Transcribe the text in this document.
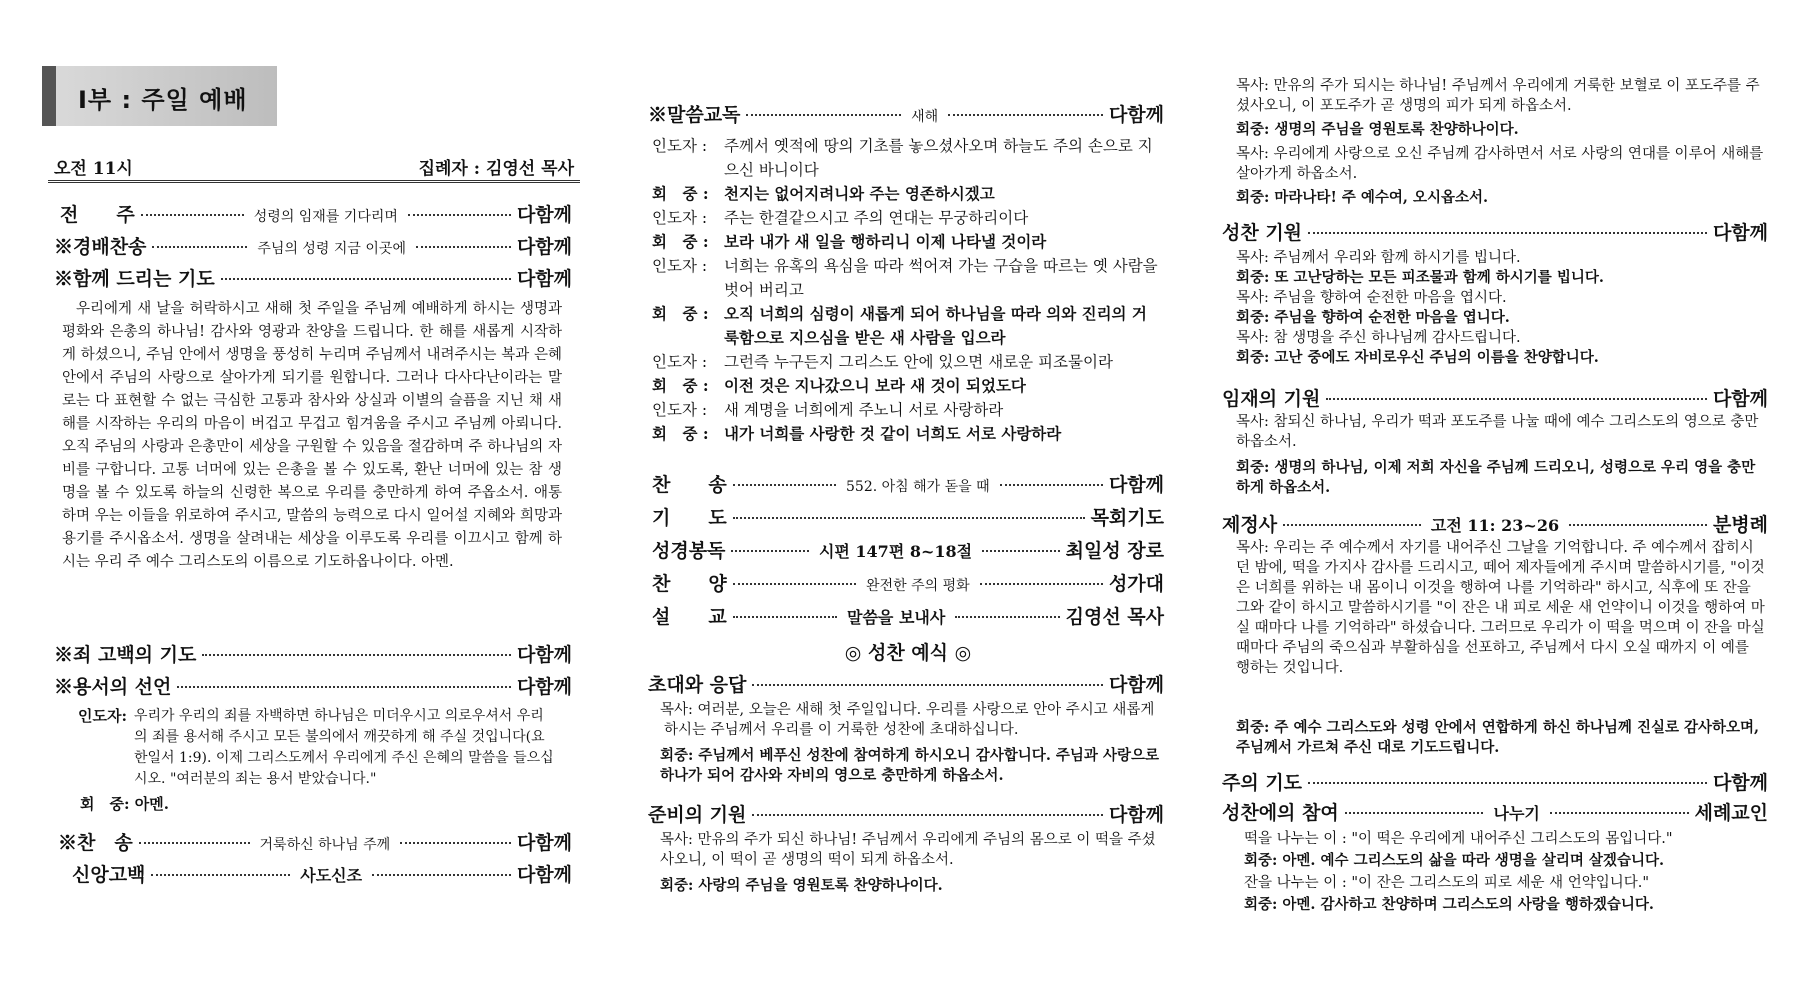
I부 : 주일 예배
오전 11시	집례자 : 김영선 목사
전　　주	성령의 임재를 기다리며	다함께
※경배찬송	주님의 성령 지금 이곳에	다함께
※함께 드리는 기도	다함께
우리에게 새 날을 허락하시고 새해 첫 주일을 주님께 예배하게 하시는 생명과 평화와 은총의 하나님! 감사와 영광과 찬양을 드립니다. 한 해를 새롭게 시작하게 하셨으니, 주님 안에서 생명을 풍성히 누리며 주님께서 내려주시는 복과 은혜 안에서 주님의 사랑으로 살아가게 되기를 원합니다. 그러나 다사다난이라는 말로는 다 표현할 수 없는 극심한 고통과 참사와 상실과 이별의 슬픔을 지닌 채 새해를 시작하는 우리의 마음이 버겁고 무겁고 힘겨움을 주시고 주님께 아뢰니다. 오직 주님의 사랑과 은총만이 세상을 구원할 수 있음을 절감하며 주 하나님의 자비를 구합니다. 고통 너머에 있는 은총을 볼 수 있도록, 환난 너머에 있는 참 생명을 볼 수 있도록 하늘의 신령한 복으로 우리를 충만하게 하여 주옵소서. 애통하며 우는 이들을 위로하여 주시고, 말씀의 능력으로 다시 일어설 지혜와 희망과 용기를 주시옵소서. 생명을 살려내는 세상을 이루도록 우리를 이끄시고 함께 하시는 우리 주 예수 그리스도의 이름으로 기도하옵나이다. 아멘.
※죄 고백의 기도	다함께
※용서의 선언	다함께
인도자: 우리가 우리의 죄를 자백하면 하나님은 미더우시고 의로우셔서 우리의 죄를 용서해 주시고 모든 불의에서 깨끗하게 해 주실 것입니다(요한일서 1:9). 이제 그리스도께서 우리에게 주신 은혜의 말씀을 들으십시오. "여러분의 죄는 용서 받았습니다."
회　중: 아멘.
※찬　송	거룩하신 하나님 주께	다함께
신앙고백	사도신조	다함께
※말씀교독	새해	다함께
인도자 :	주께서 옛적에 땅의 기초를 놓으셨사오며 하늘도 주의 손으로 지으신 바니이다
회　중 : 천지는 없어지려니와 주는 영존하시겠고
인도자 :	주는 한결같으시고 주의 연대는 무궁하리이다
회　중 : 보라 내가 새 일을 행하리니 이제 나타낼 것이라
인도자 :	너희는 유혹의 욕심을 따라 썩어져 가는 구습을 따르는 옛 사람을 벗어 버리고
회　중 : 오직 너희의 심령이 새롭게 되어 하나님을 따라 의와 진리의 거룩함으로 지으심을 받은 새 사람을 입으라
인도자 :	그런즉 누구든지 그리스도 안에 있으면 새로운 피조물이라
회　중 : 이전 것은 지나갔으니 보라 새 것이 되었도다
인도자 :	새 계명을 너희에게 주노니 서로 사랑하라
회　중 : 내가 너희를 사랑한 것 같이 너희도 서로 사랑하라
찬　　송	552. 아침 해가 돋을 때	다함께
기　　도	목회기도
성경봉독	시편 147편 8~18절	최일성 장로
찬　　양	완전한 주의 평화	성가대
설　　교	말씀을 보내사	김영선 목사
◎ 성찬 예식 ◎
초대와 응답	다함께
목사: 여러분, 오늘은 새해 첫 주일입니다. 우리를 사랑으로 안아 주시고 새롭게 하시는 주님께서 우리를 이 거룩한 성찬에 초대하십니다.
회중: 주님께서 베푸신 성찬에 참여하게 하시오니 감사합니다. 주님과 사랑으로 하나가 되어 감사와 자비의 영으로 충만하게 하옵소서.
준비의 기원	다함께
목사: 만유의 주가 되신 하나님! 주님께서 우리에게 주님의 몸으로 이 떡을 주셨사오니, 이 떡이 곧 생명의 떡이 되게 하옵소서.
회중: 사랑의 주님을 영원토록 찬양하나이다.
목사: 만유의 주가 되시는 하나님! 주님께서 우리에게 거룩한 보혈로 이 포도주를 주셨사오니, 이 포도주가 곧 생명의 피가 되게 하옵소서.
회중: 생명의 주님을 영원토록 찬양하나이다.
목사: 우리에게 사랑으로 오신 주님께 감사하면서 서로 사랑의 연대를 이루어 새해를 살아가게 하옵소서.
회중: 마라나타! 주 예수여, 오시옵소서.
성찬 기원	다함께
목사: 주님께서 우리와 함께 하시기를 빕니다.
회중: 또 고난당하는 모든 피조물과 함께 하시기를 빕니다.
목사: 주님을 향하여 순전한 마음을 엽시다.
회중: 주님을 향하여 순전한 마음을 엽니다.
목사: 참 생명을 주신 하나님께 감사드립니다.
회중: 고난 중에도 자비로우신 주님의 이름을 찬양합니다.
임재의 기원	다함께
목사: 참되신 하나님, 우리가 떡과 포도주를 나눌 때에 예수 그리스도의 영으로 충만 하옵소서.
회중: 생명의 하나님, 이제 저희 자신을 주님께 드리오니, 성령으로 우리 영을 충만하게 하옵소서.
제정사	고전 11: 23~26	분병례
목사: 우리는 주 예수께서 자기를 내어주신 그날을 기억합니다. 주 예수께서 잡히시던 밤에, 떡을 가지사 감사를 드리시고, 떼어 제자들에게 주시며 말씀하시기를, "이것은 너희를 위하는 내 몸이니 이것을 행하여 나를 기억하라" 하시고, 식후에 또 잔을 그와 같이 하시고 말씀하시기를 "이 잔은 내 피로 세운 새 언약이니 이것을 행하여 마실 때마다 나를 기억하라" 하셨습니다. 그러므로 우리가 이 떡을 먹으며 이 잔을 마실 때마다 주님의 죽으심과 부활하심을 선포하고, 주님께서 다시 오실 때까지 이 예를 행하는 것입니다.
회중: 주 예수 그리스도와 성령 안에서 연합하게 하신 하나님께 진실로 감사하오며, 주님께서 가르쳐 주신 대로 기도드립니다.
주의 기도	다함께
성찬에의 참여	나누기	세례교인
떡을 나누는 이 : "이 떡은 우리에게 내어주신 그리스도의 몸입니다."
회중: 아멘. 예수 그리스도의 삶을 따라 생명을 살리며 살겠습니다.
잔을 나누는 이 : "이 잔은 그리스도의 피로 세운 새 언약입니다."
회중: 아멘. 감사하고 찬양하며 그리스도의 사랑을 행하겠습니다.
